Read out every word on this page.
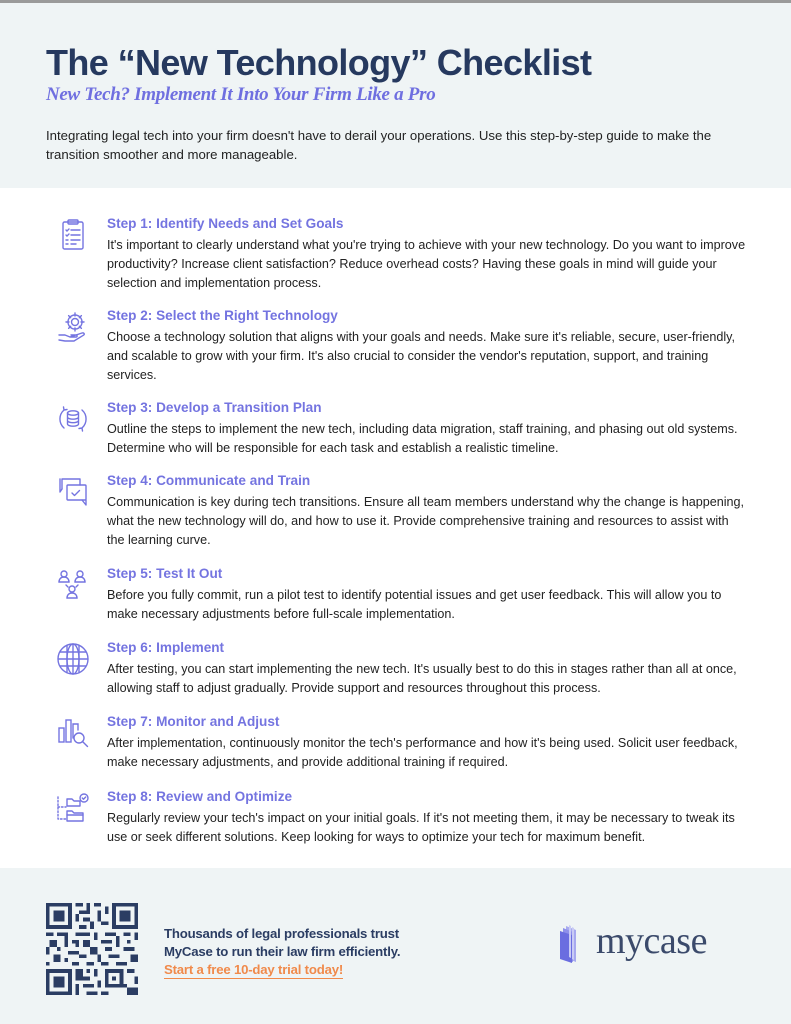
The “New Technology” Checklist
New Tech? Implement It Into Your Firm Like a Pro

Integrating legal tech into your firm doesn't have to derail your operations. Use this step-by-step guide to make the transition smoother and more manageable.

Step 1: Identify Needs and Set Goals

It's important to clearly understand what you're trying to achieve with your new technology. Do you want to improve productivity? Increase client satisfaction? Reduce overhead costs? Having these goals in mind will guide your selection and implementation process.

Step 2: Select the Right Technology

Choose a technology solution that aligns with your goals and needs. Make sure it's reliable, secure, user-friendly, and scalable to grow with your firm. It's also crucial to consider the vendor's reputation, support, and training services.

Step 3: Develop a Transition Plan

Outline the steps to implement the new tech, including data migration, staff training, and phasing out old systems. Determine who will be responsible for each task and establish a realistic timeline.

Step 4: Communicate and Train

Communication is key during tech transitions. Ensure all team members understand why the change is happening, what the new technology will do, and how to use it. Provide comprehensive training and resources to assist with the learning curve.

Step 5: Test It Out

Before you fully commit, run a pilot test to identify potential issues and get user feedback. This will allow you to make necessary adjustments before full-scale implementation.

Step 6: Implement

After testing, you can start implementing the new tech. It's usually best to do this in stages rather than all at once, allowing staff to adjust gradually. Provide support and resources throughout this process.

Step 7: Monitor and Adjust

After implementation, continuously monitor the tech's performance and how it's being used. Solicit user feedback, make necessary adjustments, and provide additional training if required.

Step 8: Review and Optimize

Regularly review your tech's impact on your initial goals. If it's not meeting them, it may be necessary to tweak its use or seek different solutions. Keep looking for ways to optimize your tech for maximum benefit.

Thousands of legal professionals trust
MyCase to run their law firm efficiently.
Start a free 10-day trial today!
mycase
